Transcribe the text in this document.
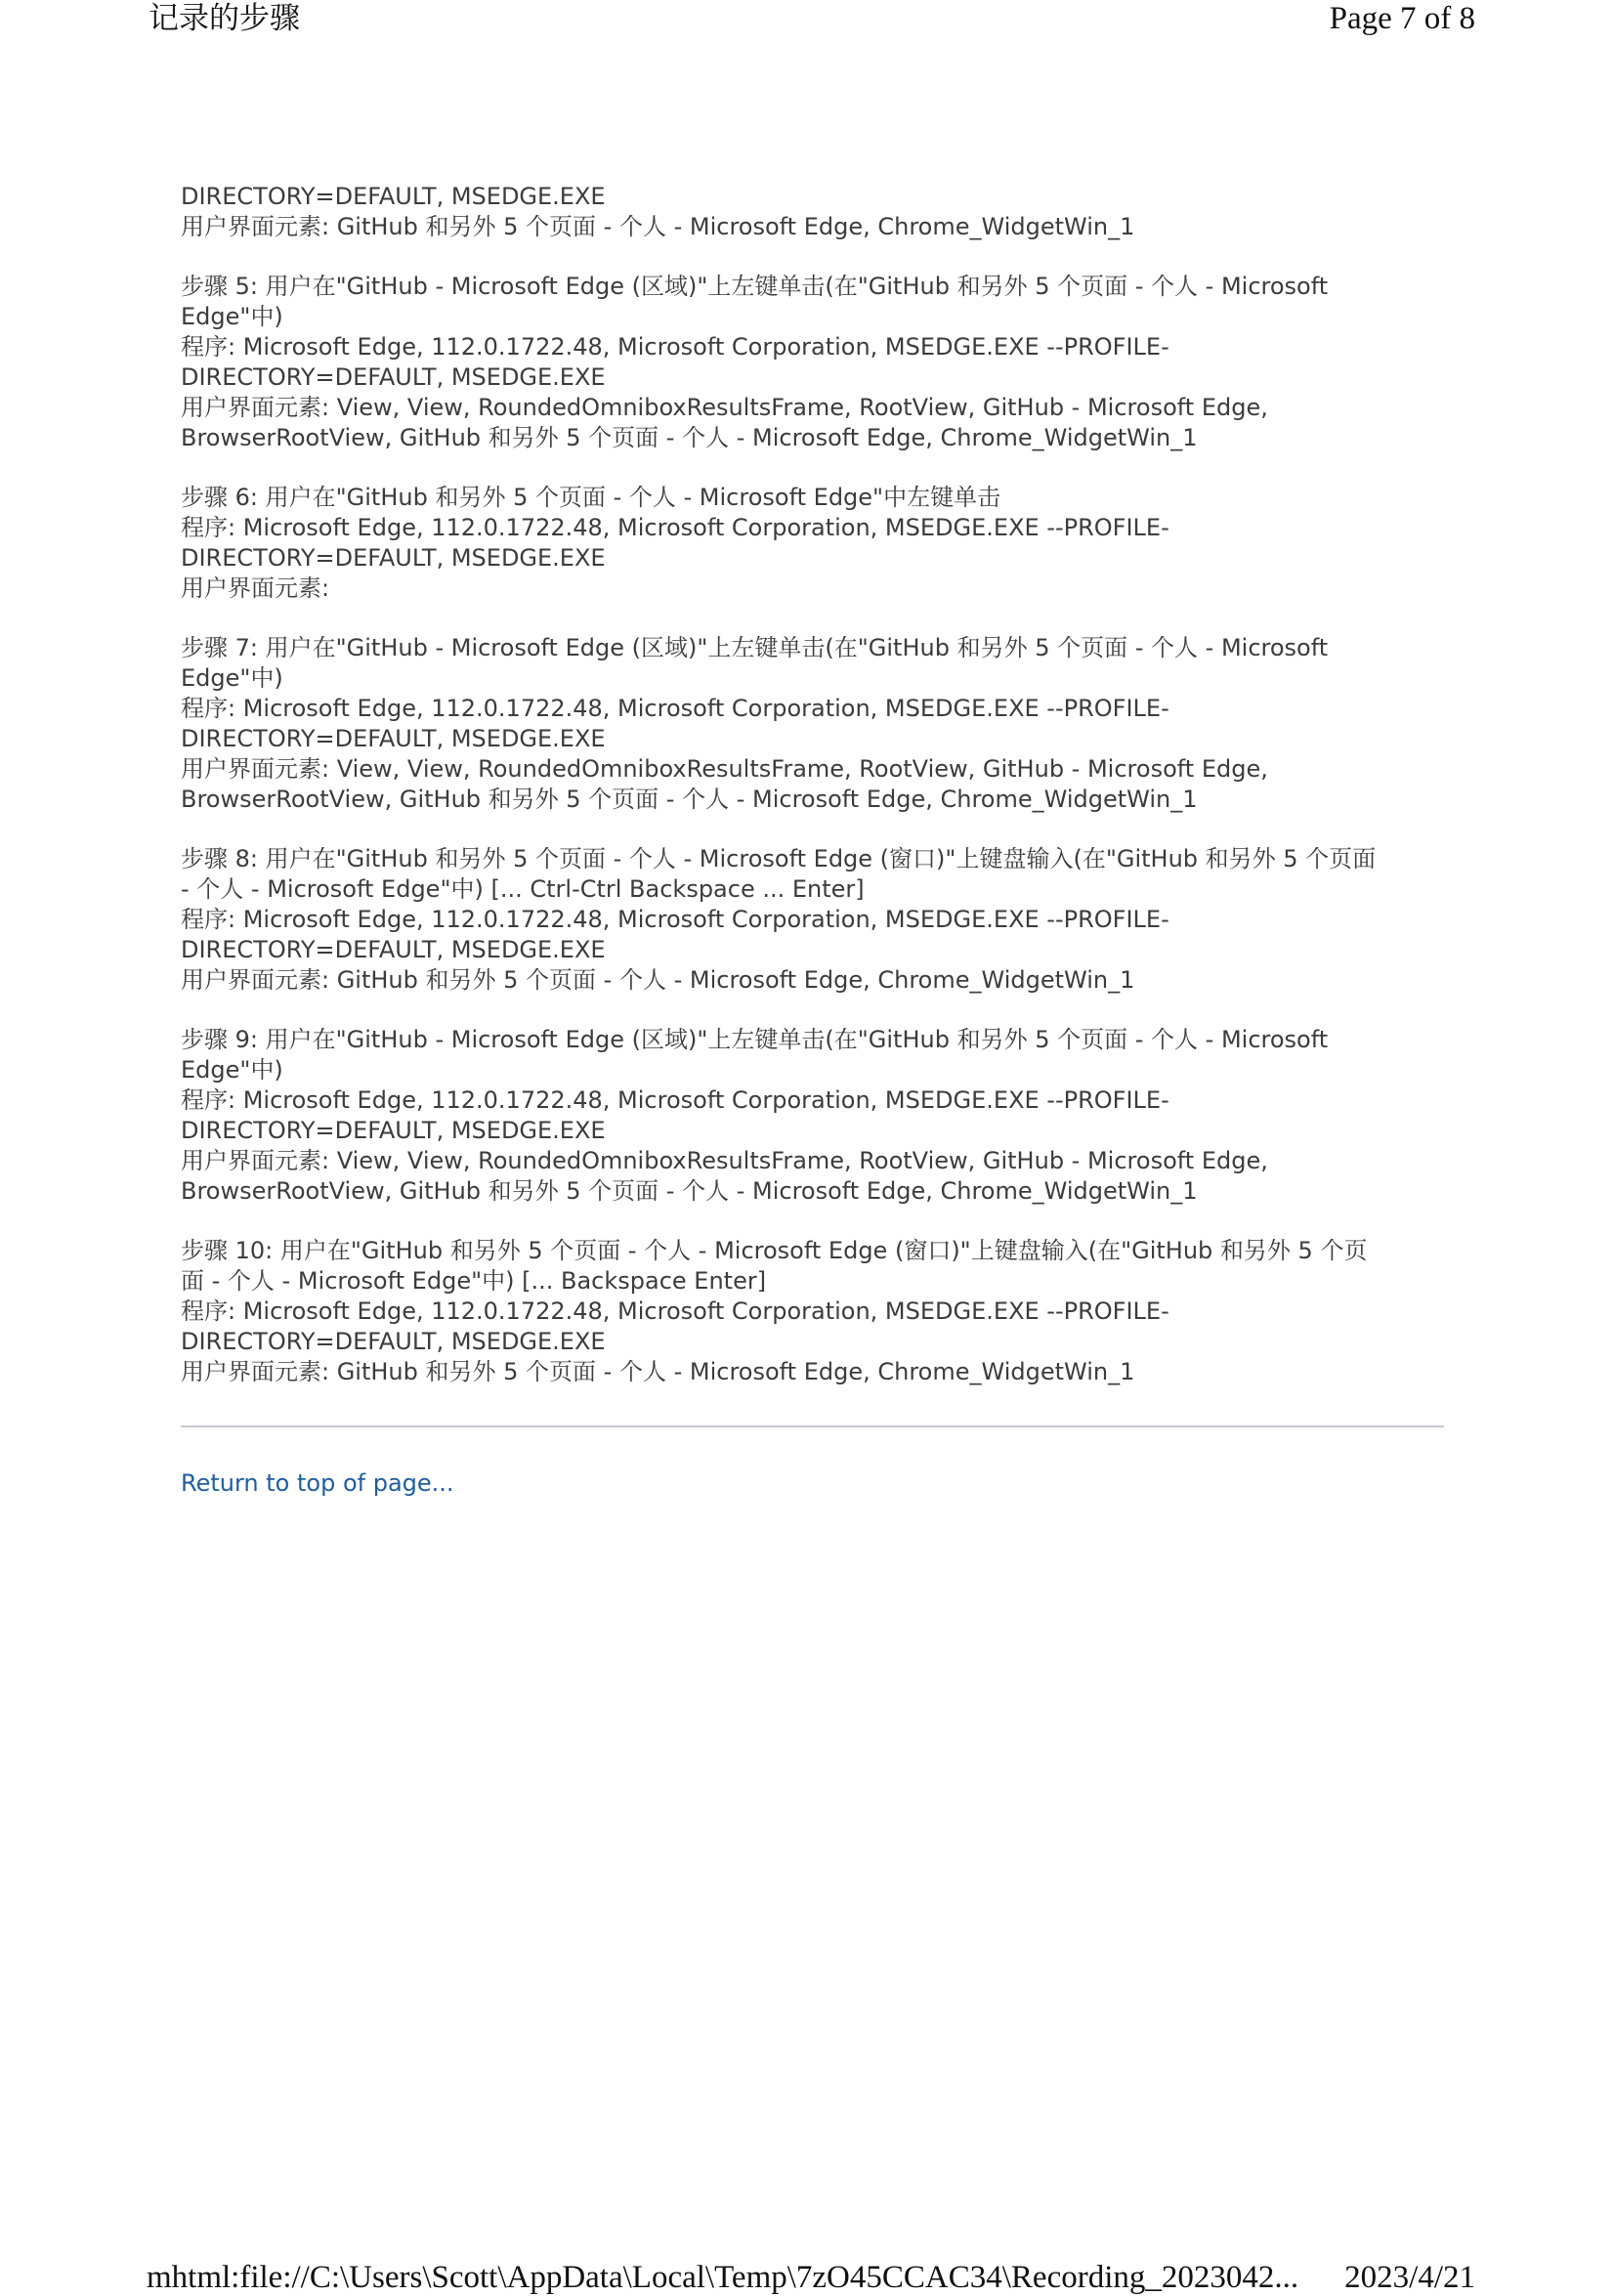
记录的步骤	Page 7 of 8
DIRECTORY=DEFAULT, MSEDGE.EXE
用户界面元素: GitHub 和另外 5 个页面 - 个人 - Microsoft Edge, Chrome_WidgetWin_1
步骤 5: 用户在"GitHub - Microsoft Edge (区域)"上左键单击(在"GitHub 和另外 5 个页面 - 个人 - Microsoft
Edge"中)
程序: Microsoft Edge, 112.0.1722.48, Microsoft Corporation, MSEDGE.EXE --PROFILE-
DIRECTORY=DEFAULT, MSEDGE.EXE
用户界面元素: View, View, RoundedOmniboxResultsFrame, RootView, GitHub - Microsoft Edge,
BrowserRootView, GitHub 和另外 5 个页面 - 个人 - Microsoft Edge, Chrome_WidgetWin_1
步骤 6: 用户在"GitHub 和另外 5 个页面 - 个人 - Microsoft Edge"中左键单击
程序: Microsoft Edge, 112.0.1722.48, Microsoft Corporation, MSEDGE.EXE --PROFILE-
DIRECTORY=DEFAULT, MSEDGE.EXE
用户界面元素:
步骤 7: 用户在"GitHub - Microsoft Edge (区域)"上左键单击(在"GitHub 和另外 5 个页面 - 个人 - Microsoft
Edge"中)
程序: Microsoft Edge, 112.0.1722.48, Microsoft Corporation, MSEDGE.EXE --PROFILE-
DIRECTORY=DEFAULT, MSEDGE.EXE
用户界面元素: View, View, RoundedOmniboxResultsFrame, RootView, GitHub - Microsoft Edge,
BrowserRootView, GitHub 和另外 5 个页面 - 个人 - Microsoft Edge, Chrome_WidgetWin_1
步骤 8: 用户在"GitHub 和另外 5 个页面 - 个人 - Microsoft Edge (窗口)"上键盘输入(在"GitHub 和另外 5 个页面
- 个人 - Microsoft Edge"中) [... Ctrl-Ctrl Backspace ... Enter]
程序: Microsoft Edge, 112.0.1722.48, Microsoft Corporation, MSEDGE.EXE --PROFILE-
DIRECTORY=DEFAULT, MSEDGE.EXE
用户界面元素: GitHub 和另外 5 个页面 - 个人 - Microsoft Edge, Chrome_WidgetWin_1
步骤 9: 用户在"GitHub - Microsoft Edge (区域)"上左键单击(在"GitHub 和另外 5 个页面 - 个人 - Microsoft
Edge"中)
程序: Microsoft Edge, 112.0.1722.48, Microsoft Corporation, MSEDGE.EXE --PROFILE-
DIRECTORY=DEFAULT, MSEDGE.EXE
用户界面元素: View, View, RoundedOmniboxResultsFrame, RootView, GitHub - Microsoft Edge,
BrowserRootView, GitHub 和另外 5 个页面 - 个人 - Microsoft Edge, Chrome_WidgetWin_1
步骤 10: 用户在"GitHub 和另外 5 个页面 - 个人 - Microsoft Edge (窗口)"上键盘输入(在"GitHub 和另外 5 个页
面 - 个人 - Microsoft Edge"中) [... Backspace Enter]
程序: Microsoft Edge, 112.0.1722.48, Microsoft Corporation, MSEDGE.EXE --PROFILE-
DIRECTORY=DEFAULT, MSEDGE.EXE
用户界面元素: GitHub 和另外 5 个页面 - 个人 - Microsoft Edge, Chrome_WidgetWin_1
Return to top of page...
mhtml:file://C:\Users\Scott\AppData\Local\Temp\7zO45CCAC34\Recording_2023042... 2023/4/21
